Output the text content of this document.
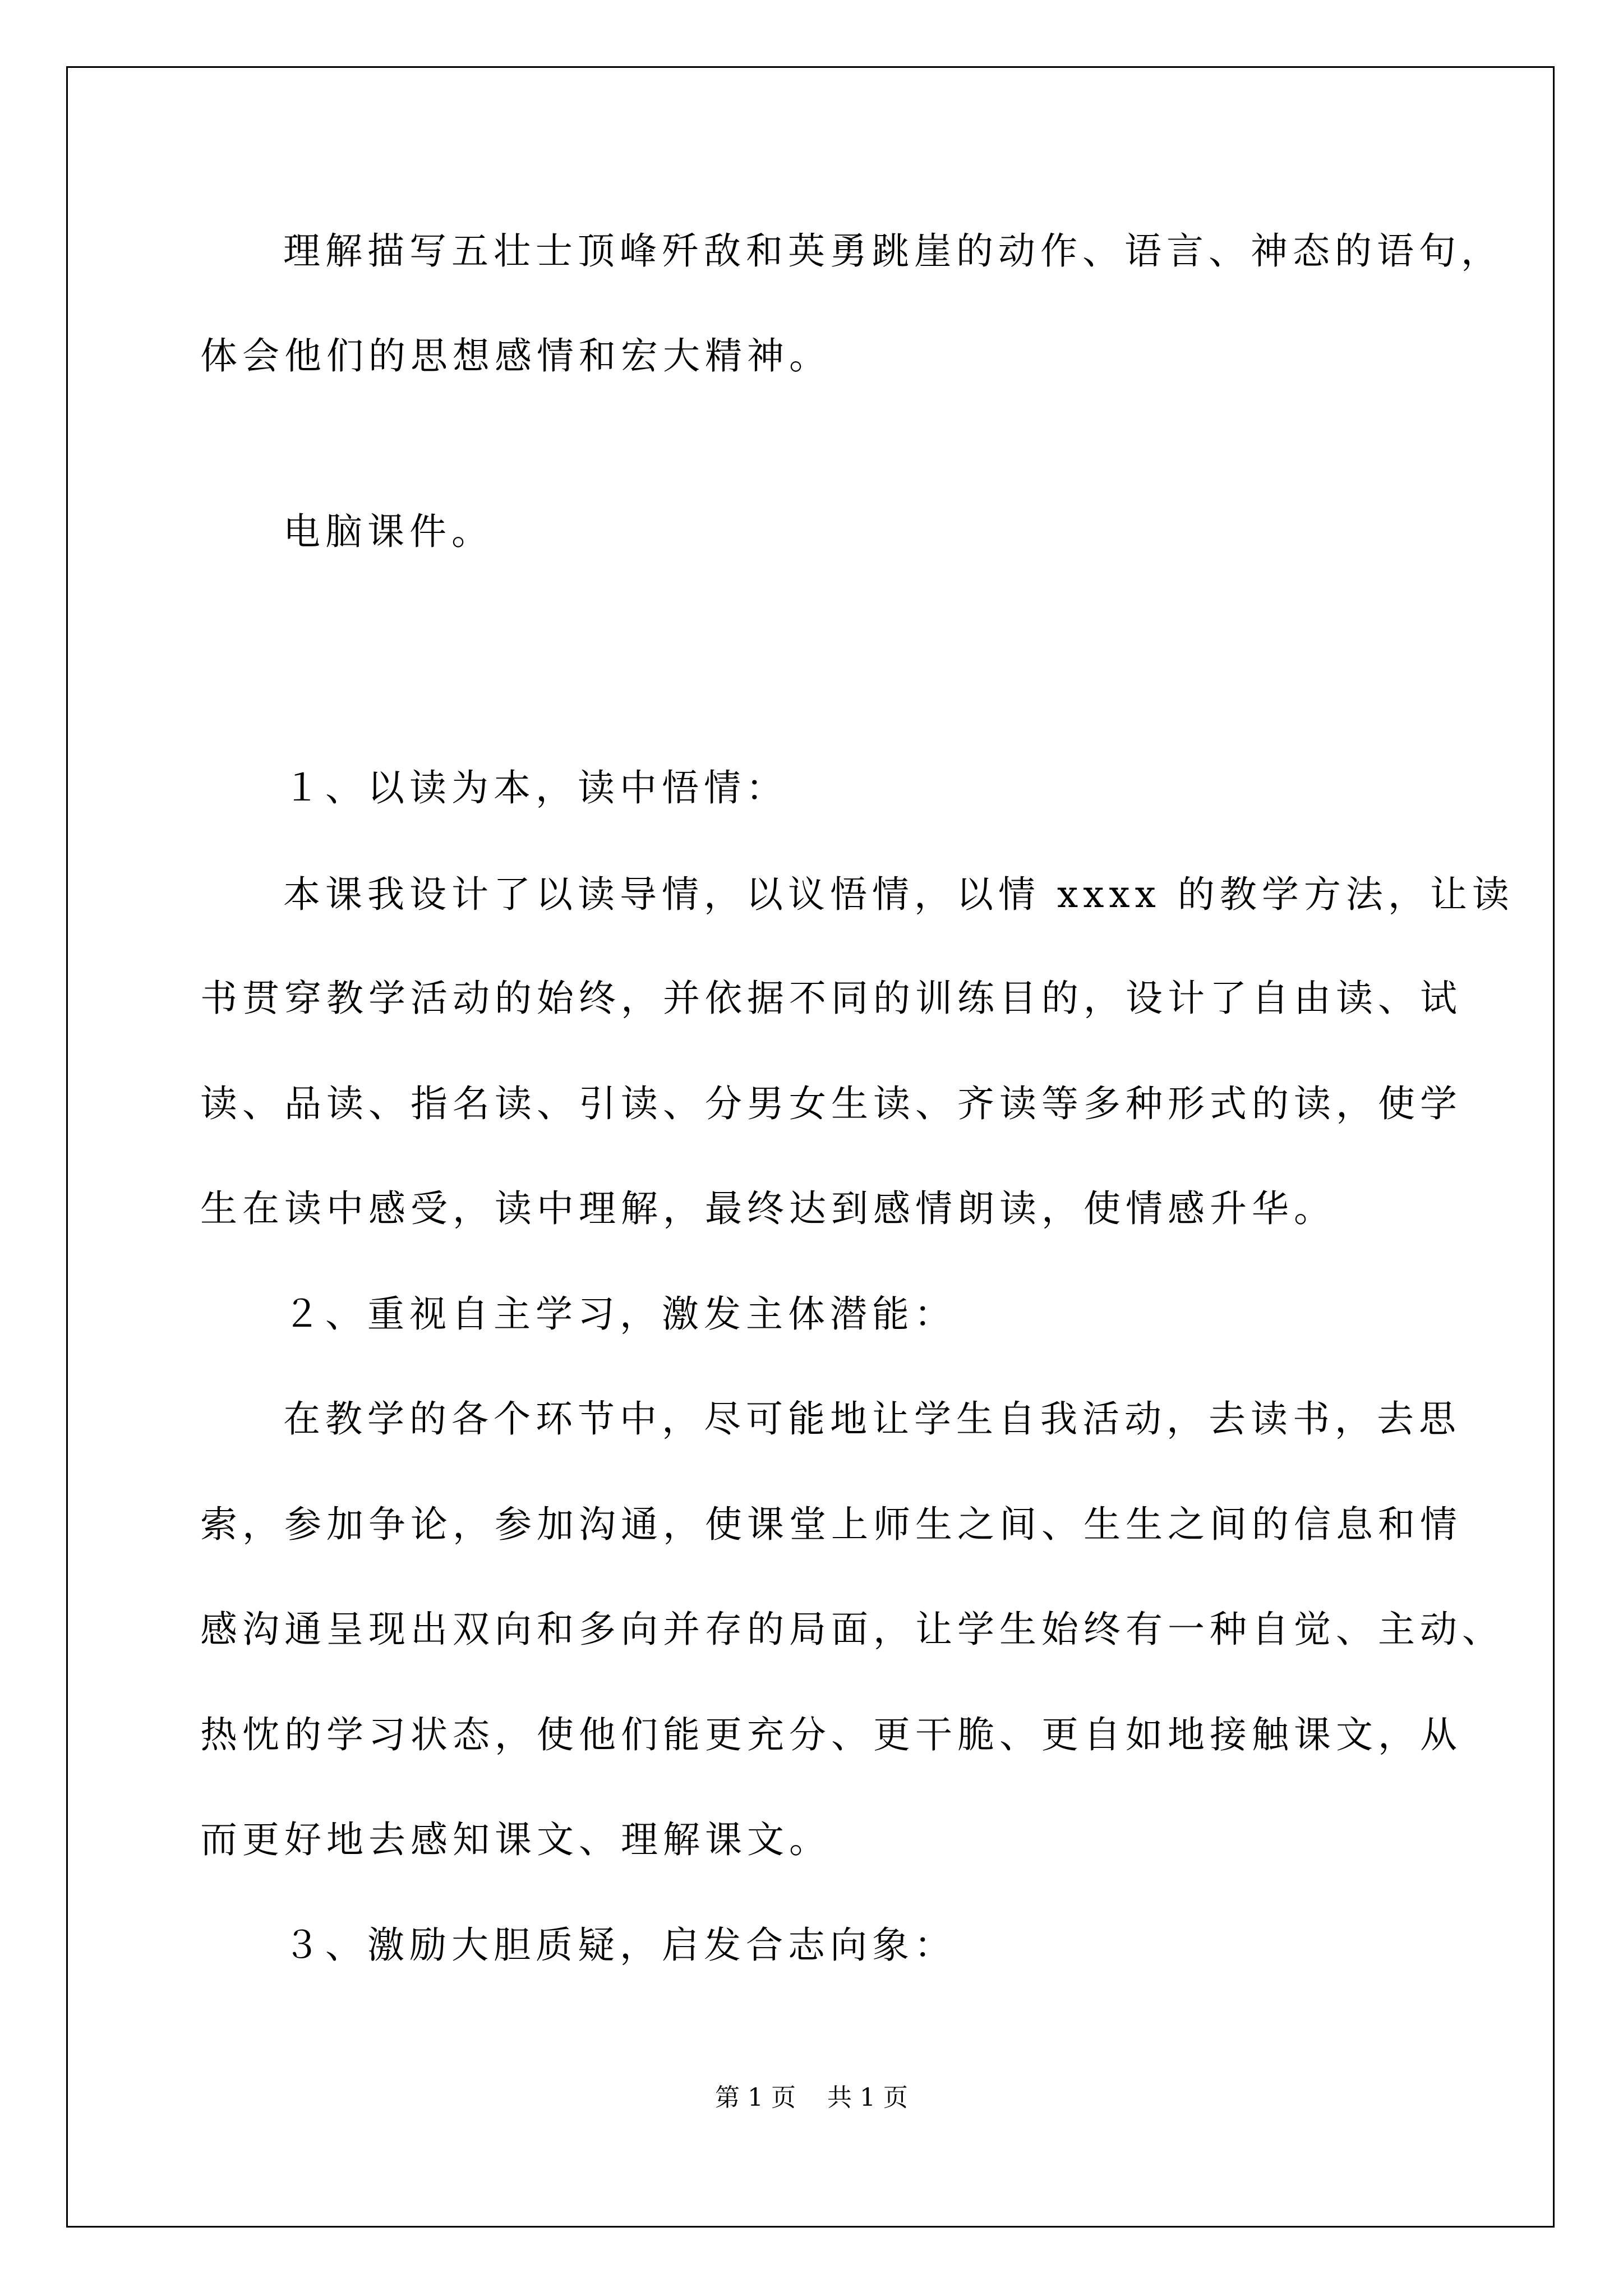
理解描写五壮士顶峰歼敌和英勇跳崖的动作、语言、神态的语句，
体会他们的思想感情和宏大精神。
电脑课件。
１、以读为本，读中悟情：
本课我设计了以读导情，以议悟情，以情 xxxx 的教学方法，让读
书贯穿教学活动的始终，并依据不同的训练目的，设计了自由读、试
读、品读、指名读、引读、分男女生读、齐读等多种形式的读，使学
生在读中感受，读中理解，最终达到感情朗读，使情感升华。
２、重视自主学习，激发主体潜能：
在教学的各个环节中，尽可能地让学生自我活动，去读书，去思
索，参加争论，参加沟通，使课堂上师生之间、生生之间的信息和情
感沟通呈现出双向和多向并存的局面，让学生始终有一种自觉、主动、
热忱的学习状态，使他们能更充分、更干脆、更自如地接触课文，从
而更好地去感知课文、理解课文。
３、激励大胆质疑，启发合志向象：
第 1 页    共 1 页
